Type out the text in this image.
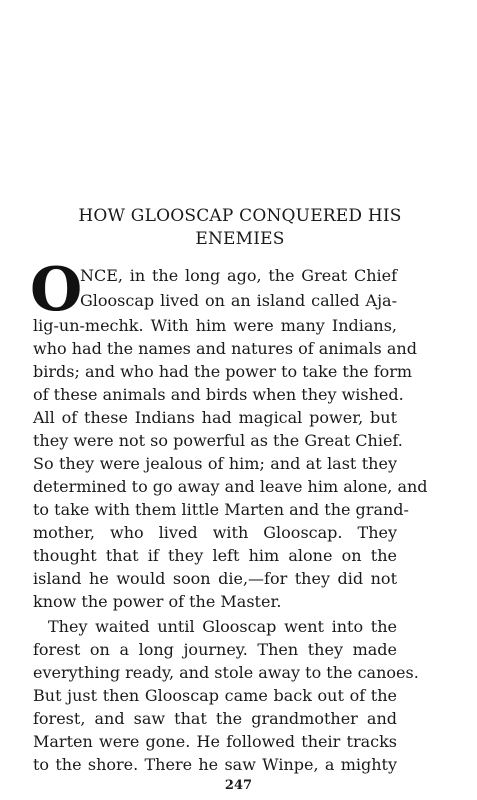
HOW GLOOSCAP CONQUERED HIS
ENEMIES
O
NCE, in the long ago, the Great Chief
Glooscap lived on an island called Aja-
lig-un-mechk. With him were many Indians,
who had the names and natures of animals and
birds; and who had the power to take the form
of these animals and birds when they wished.
All of these Indians had magical power, but
they were not so powerful as the Great Chief.
So they were jealous of him; and at last they
determined to go away and leave him alone, and
to take with them little Marten and the grand-
mother, who lived with Glooscap. They
thought that if they left him alone on the
island he would soon die,—for they did not
know the power of the Master.
They waited until Glooscap went into the
forest on a long journey. Then they made
everything ready, and stole away to the canoes.
But just then Glooscap came back out of the
forest, and saw that the grandmother and
Marten were gone. He followed their tracks
to the shore. There he saw Winpe, a mighty
247
